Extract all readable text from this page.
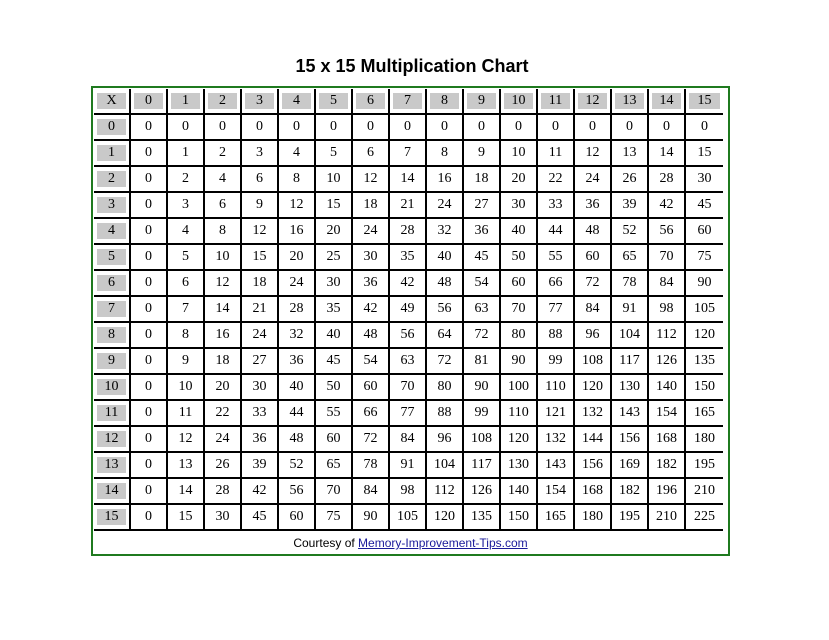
15 x 15 Multiplication Chart
X	0	1	2	3	4	5	6	7	8	9	10	11	12	13	14	15

0	0	0	0	0	0	0	0	0	0	0	0	0	0	0	0	0

1	0	1	2	3	4	5	6	7	8	9	10	11	12	13	14	15

2	0	2	4	6	8	10	12	14	16	18	20	22	24	26	28	30

3	0	3	6	9	12	15	18	21	24	27	30	33	36	39	42	45

4	0	4	8	12	16	20	24	28	32	36	40	44	48	52	56	60

5	0	5	10	15	20	25	30	35	40	45	50	55	60	65	70	75

6	0	6	12	18	24	30	36	42	48	54	60	66	72	78	84	90

7	0	7	14	21	28	35	42	49	56	63	70	77	84	91	98	105

8	0	8	16	24	32	40	48	56	64	72	80	88	96	104	112	120

9	0	9	18	27	36	45	54	63	72	81	90	99	108	117	126	135

10	0	10	20	30	40	50	60	70	80	90	100	110	120	130	140	150

11	0	11	22	33	44	55	66	77	88	99	110	121	132	143	154	165

12	0	12	24	36	48	60	72	84	96	108	120	132	144	156	168	180

13	0	13	26	39	52	65	78	91	104	117	130	143	156	169	182	195

14	0	14	28	42	56	70	84	98	112	126	140	154	168	182	196	210

15	0	15	30	45	60	75	90	105	120	135	150	165	180	195	210	225
Courtesy of Memory-Improvement-Tips.com
